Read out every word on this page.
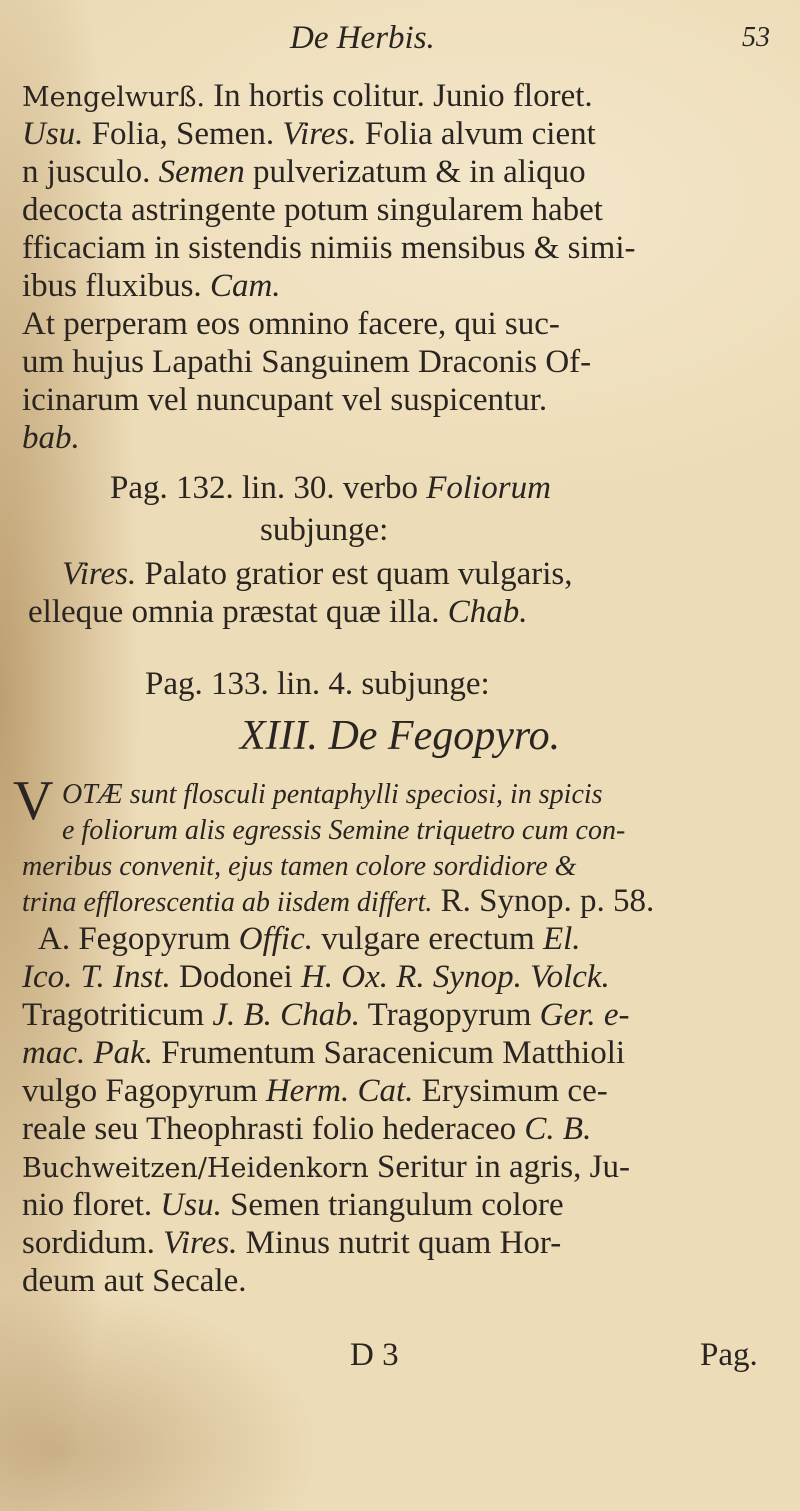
De Herbis.	53

Mengelwurß. In hortis colitur. Junio floret.

Usu. Folia, Semen. Vires. Folia alvum cient

n jusculo. Semen pulverizatum & in aliquo

decocta astringente potum singularem habet

fficaciam in sistendis nimiis mensibus & simi-

ibus fluxibus. Cam.

At perperam eos omnino facere, qui suc-

um hujus Lapathi Sanguinem Draconis Of-

icinarum vel nuncupant vel suspicentur.

bab.

Pag. 132. lin. 30. verbo Foliorum

subjunge:

Vires. Palato gratior est quam vulgaris,

elleque omnia præstat quæ illa. Chab.

Pag. 133. lin. 4. subjunge:

OTÆ sunt flosculi pentaphylli speciosi, in spicis

e foliorum alis egressis Semine triquetro cum con-

meribus convenit, ejus tamen colore sordidiore &

trina efflorescentia ab iisdem differt. R. Synop. p. 58.

A. Fegopyrum Offic. vulgare erectum El.

Ico. T. Inst. Dodonei H. Ox. R. Synop. Volck.

Tragotriticum J. B. Chab. Tragopyrum Ger. e-

mac. Pak. Frumentum Saracenicum Matthioli

vulgo Fagopyrum Herm. Cat. Erysimum ce-

reale seu Theophrasti folio hederaceo C. B.

Buchweitzen/Heidenkorn Seritur in agris, Ju-

nio floret. Usu. Semen triangulum colore

sordidum. Vires. Minus nutrit quam Hor-

deum aut Secale.

XIII. De Fegopyro.
V
D 3	Pag.
